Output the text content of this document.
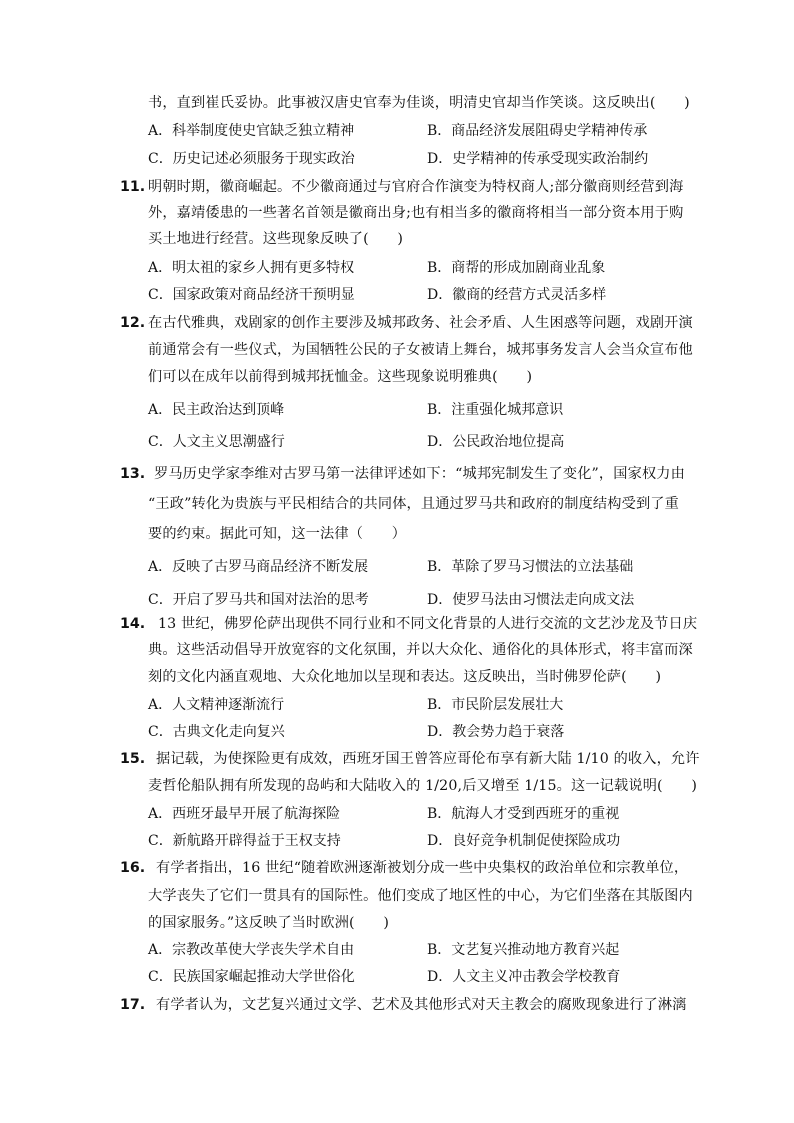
书，直到崔氏妥协。此事被汉唐史官奉为佳谈，明清史官却当作笑谈。这反映出(　　)
A．科举制度使史官缺乏独立精神	B．商品经济发展阻碍史学精神传承
C．历史记述必须服务于现实政治	D．史学精神的传承受现实政治制约
11. 明朝时期，徽商崛起。不少徽商通过与官府合作演变为特权商人;部分徽商则经营到海
外，嘉靖倭患的一些著名首领是徽商出身;也有相当多的徽商将相当一部分资本用于购
买土地进行经营。这些现象反映了(　　)
A．明太祖的家乡人拥有更多特权	B．商帮的形成加剧商业乱象
C．国家政策对商品经济干预明显	D．徽商的经营方式灵活多样
12. 在古代雅典，戏剧家的创作主要涉及城邦政务、社会矛盾、人生困惑等问题，戏剧开演
前通常会有一些仪式，为国牺牲公民的子女被请上舞台，城邦事务发言人会当众宣布他
们可以在成年以前得到城邦抚恤金。这些现象说明雅典(　　)
A．民主政治达到顶峰	B．注重强化城邦意识
C．人文主义思潮盛行	D．公民政治地位提高
13. 罗马历史学家李维对古罗马第一法律评述如下：“城邦宪制发生了变化”，国家权力由
“王政”转化为贵族与平民相结合的共同体，且通过罗马共和政府的制度结构受到了重
要的约束。据此可知，这一法律（　　）
A．反映了古罗马商品经济不断发展	B．革除了罗马习惯法的立法基础
C．开启了罗马共和国对法治的思考	D．使罗马法由习惯法走向成文法
14. 13 世纪，佛罗伦萨出现供不同行业和不同文化背景的人进行交流的文艺沙龙及节日庆
典。这些活动倡导开放宽容的文化氛围，并以大众化、通俗化的具体形式，将丰富而深
刻的文化内涵直观地、大众化地加以呈现和表达。这反映出，当时佛罗伦萨(　　)
A．人文精神逐渐流行	B．市民阶层发展壮大
C．古典文化走向复兴	D．教会势力趋于衰落
15. 据记载，为使探险更有成效，西班牙国王曾答应哥伦布享有新大陆 1/10 的收入，允许
麦哲伦船队拥有所发现的岛屿和大陆收入的 1/20,后又增至 1/15。这一记载说明(　　)
A．西班牙最早开展了航海探险	B．航海人才受到西班牙的重视
C．新航路开辟得益于王权支持	D．良好竞争机制促使探险成功
16. 有学者指出，16 世纪“随着欧洲逐渐被划分成一些中央集权的政治单位和宗教单位，
大学丧失了它们一贯具有的国际性。他们变成了地区性的中心，为它们坐落在其版图内
的国家服务。”这反映了当时欧洲(　　)
A．宗教改革使大学丧失学术自由	B．文艺复兴推动地方教育兴起
C．民族国家崛起推动大学世俗化	D．人文主义冲击教会学校教育
17. 有学者认为，文艺复兴通过文学、艺术及其他形式对天主教会的腐败现象进行了淋漓
